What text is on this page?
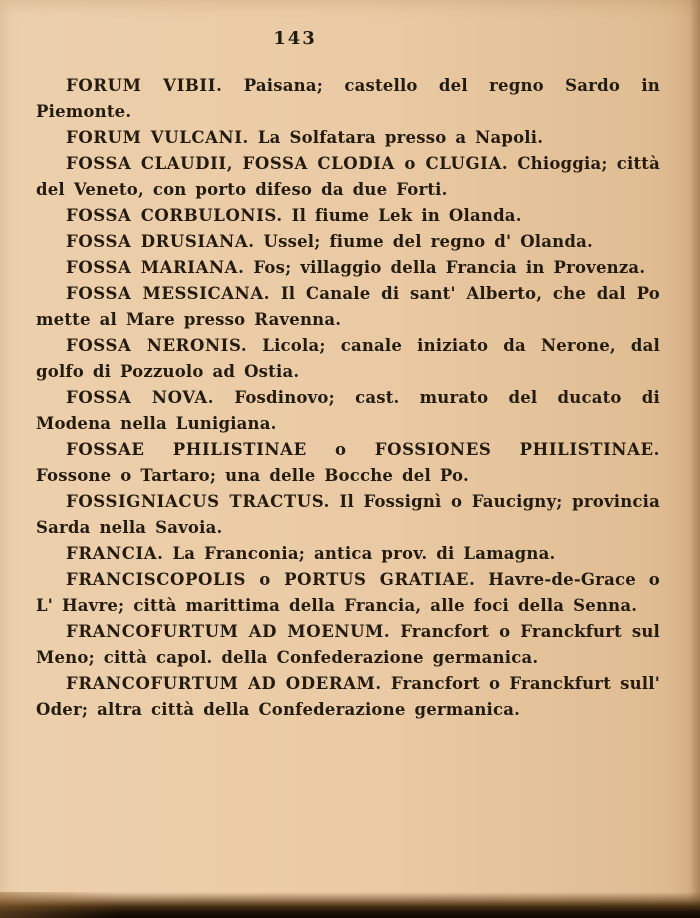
143

FORUM VIBII. Paisana; castello del regno Sardo in Piemonte.

FORUM VULCANI. La Solfatara presso a Napoli.

FOSSA CLAUDII, FOSSA CLODIA o CLUGIA. Chioggia; città del Veneto, con porto difeso da due Forti.

FOSSA CORBULONIS. Il fiume Lek in Olanda.

FOSSA DRUSIANA. Ussel; fiume del regno d' Olanda.

FOSSA MARIANA. Fos; villaggio della Francia in Provenza.

FOSSA MESSICANA. Il Canale di sant' Alberto, che dal Po mette al Mare presso Ravenna.

FOSSA NERONIS. Licola; canale iniziato da Nerone, dal golfo di Pozzuolo ad Ostia.

FOSSA NOVA. Fosdinovo; cast. murato del ducato di Modena nella Lunigiana.

FOSSAE PHILISTINAE o FOSSIONES PHILISTINAE. Fossone o Tartaro; una delle Bocche del Po.

FOSSIGNIACUS TRACTUS. Il Fossignì o Faucigny; provincia Sarda nella Savoia.

FRANCIA. La Franconia; antica prov. di Lamagna.

FRANCISCOPOLIS o PORTUS GRATIAE. Havre-de-Grace o L' Havre; città marittima della Francia, alle foci della Senna.

FRANCOFURTUM AD MOENUM. Francfort o Franckfurt sul Meno; città capol. della Confederazione germanica.

FRANCOFURTUM AD ODERAM. Francfort o Franckfurt sull' Oder; altra città della Confederazione germanica.
